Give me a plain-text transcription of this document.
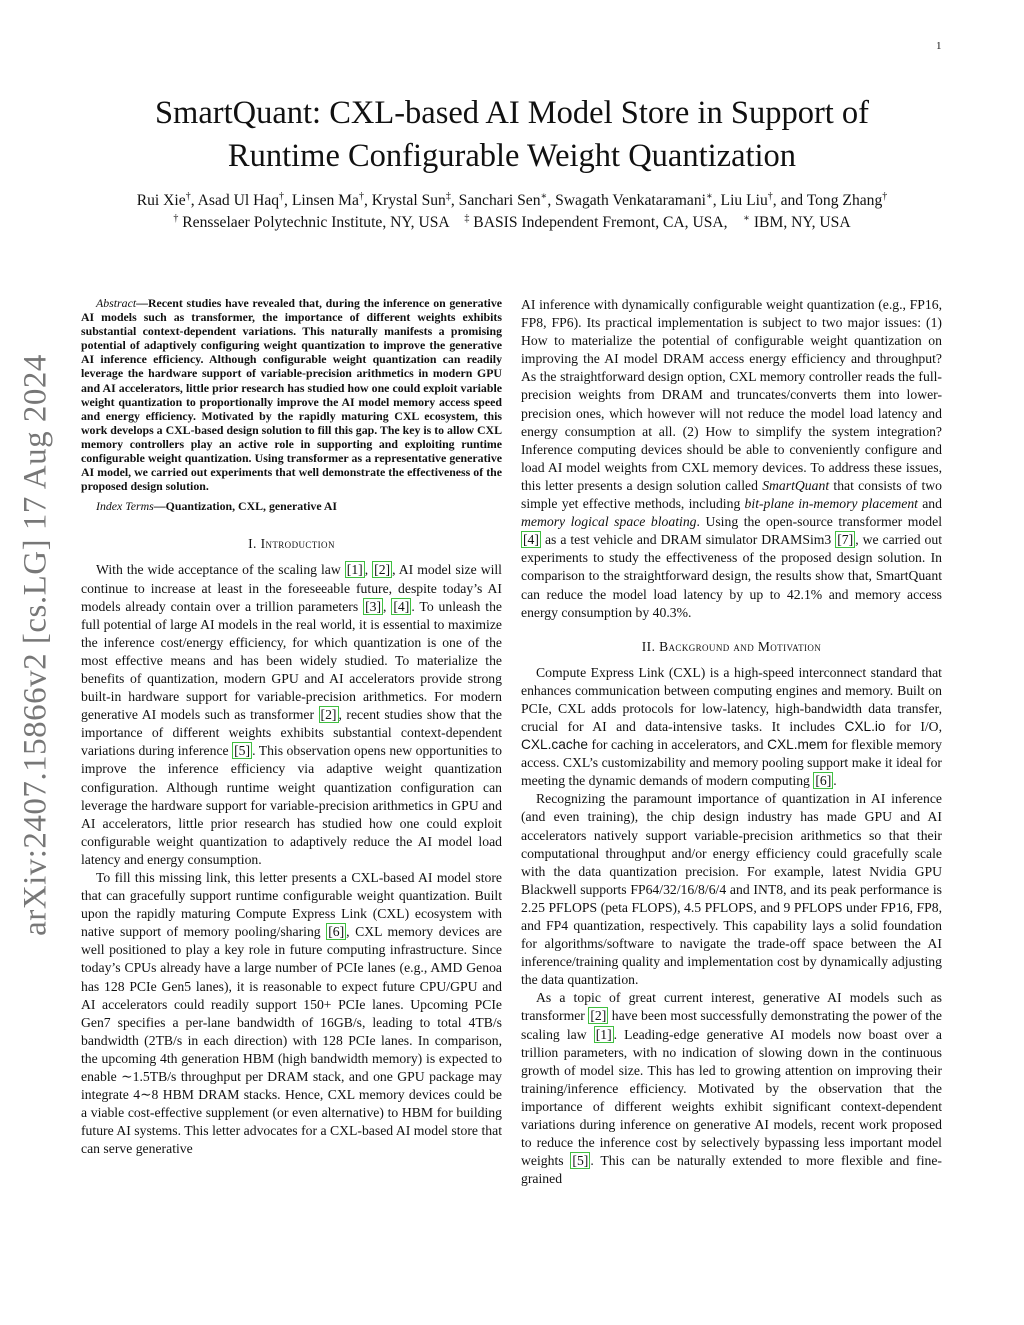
1
arXiv:2407.15866v2 [cs.LG] 17 Aug 2024
SmartQuant: CXL-based AI Model Store in Support of
Runtime Configurable Weight Quantization
Rui Xie†, Asad Ul Haq†, Linsen Ma†, Krystal Sun‡, Sanchari Sen∗, Swagath Venkataramani∗, Liu Liu†, and Tong Zhang†
† Rensselaer Polytechnic Institute, NY, USA ‡ BASIS Independent Fremont, CA, USA, ∗ IBM, NY, USA

Abstract—Recent studies have revealed that, during the inference on generative AI models such as transformer, the importance of different weights exhibits substantial context-dependent variations. This naturally manifests a promising potential of adaptively configuring weight quantization to improve the generative AI inference efficiency. Although configurable weight quantization can readily leverage the hardware support of variable-precision arithmetics in modern GPU and AI accelerators, little prior research has studied how one could exploit variable weight quantization to proportionally improve the AI model memory access speed and energy efficiency. Motivated by the rapidly maturing CXL ecosystem, this work develops a CXL-based design solution to fill this gap. The key is to allow CXL memory controllers play an active role in supporting and exploiting runtime configurable weight quantization. Using transformer as a representative generative AI model, we carried out experiments that well demonstrate the effectiveness of the proposed design solution.

Index Terms—Quantization, CXL, generative AI

I. Introduction

With the wide acceptance of the scaling law [1] , [2] , AI model size will continue to increase at least in the foreseeable future, despite today’s AI models already contain over a trillion parameters [3] , [4] . To unleash the full potential of large AI models in the real world, it is essential to maximize the inference cost/energy efficiency, for which quantization is one of the most effective means and has been widely studied. To materialize the benefits of quantization, modern GPU and AI accelerators provide strong built-in hardware support for variable-precision arithmetics. For modern generative AI models such as transformer [2] , recent studies show that the importance of different weights exhibits substantial context-dependent variations during inference [5] . This observation opens new opportunities to improve the inference efficiency via adaptive weight quantization configuration. Although runtime weight quantization configuration can leverage the hardware support for variable-precision arithmetics in GPU and AI accelerators, little prior research has studied how one could exploit configurable weight quantization to adaptively reduce the AI model load latency and energy consumption.

To fill this missing link, this letter presents a CXL-based AI model store that can gracefully support runtime configurable weight quantization. Built upon the rapidly maturing Compute Express Link (CXL) ecosystem with native support of memory pooling/sharing [6] , CXL memory devices are well positioned to play a key role in future computing infrastructure. Since today’s CPUs already have a large number of PCIe lanes (e.g., AMD Genoa has 128 PCIe Gen5 lanes), it is reasonable to expect future CPU/GPU and AI accelerators could readily support 150+ PCIe lanes. Upcoming PCIe Gen7 specifies a per-lane bandwidth of 16GB/s, leading to total 4TB/s bandwidth (2TB/s in each direction) with 128 PCIe lanes. In comparison, the upcoming 4th generation HBM (high bandwidth memory) is expected to enable ∼1.5TB/s throughput per DRAM stack, and one GPU package may integrate 4∼8 HBM DRAM stacks. Hence, CXL memory devices could be a viable cost-effective supplement (or even alternative) to HBM for building future AI systems. This letter advocates for a CXL-based AI model store that can serve generative

AI inference with dynamically configurable weight quantization (e.g., FP16, FP8, FP6). Its practical implementation is subject to two major issues: (1) How to materialize the potential of configurable weight quantization on improving the AI model DRAM access energy efficiency and throughput? As the straightforward design option, CXL memory controller reads the full-precision weights from DRAM and truncates/converts them into lower-precision ones, which however will not reduce the model load latency and energy consumption at all. (2) How to simplify the system integration? Inference computing devices should be able to conveniently configure and load AI model weights from CXL memory devices. To address these issues, this letter presents a design solution called SmartQuant that consists of two simple yet effective methods, including bit-plane in-memory placement and memory logical space bloating. Using the open-source transformer model [4] as a test vehicle and DRAM simulator DRAMSim3 [7] , we carried out experiments to study the effectiveness of the proposed design solution. In comparison to the straightforward design, the results show that, SmartQuant can reduce the model load latency by up to 42.1% and memory access energy consumption by 40.3%.

II. Background and Motivation

Compute Express Link (CXL) is a high-speed interconnect standard that enhances communication between computing engines and memory. Built on PCIe, CXL adds protocols for low-latency, high-bandwidth data transfer, crucial for AI and data-intensive tasks. It includes CXL.io for I/O, CXL.cache for caching in accelerators, and CXL.mem for flexible memory access. CXL’s customizability and memory pooling support make it ideal for meeting the dynamic demands of modern computing [6] .

Recognizing the paramount importance of quantization in AI inference (and even training), the chip design industry has made GPU and AI accelerators natively support variable-precision arithmetics so that their computational throughput and/or energy efficiency could gracefully scale with the data quantization precision. For example, latest Nvidia GPU Blackwell supports FP64/32/16/8/6/4 and INT8, and its peak performance is 2.25 PFLOPS (peta FLOPS), 4.5 PFLOPS, and 9 PFLOPS under FP16, FP8, and FP4 quantization, respectively. This capability lays a solid foundation for algorithms/software to navigate the trade-off space between the AI inference/training quality and implementation cost by dynamically adjusting the data quantization.

As a topic of great current interest, generative AI models such as transformer [2] have been most successfully demonstrating the power of the scaling law [1] . Leading-edge generative AI models now boast over a trillion parameters, with no indication of slowing down in the continuous growth of model size. This has led to growing attention on improving their training/inference efficiency. Motivated by the observation that the importance of different weights exhibit significant context-dependent variations during inference on generative AI models, recent work proposed to reduce the inference cost by selectively bypassing less important model weights [5] . This can be naturally extended to more flexible and fine-grained
